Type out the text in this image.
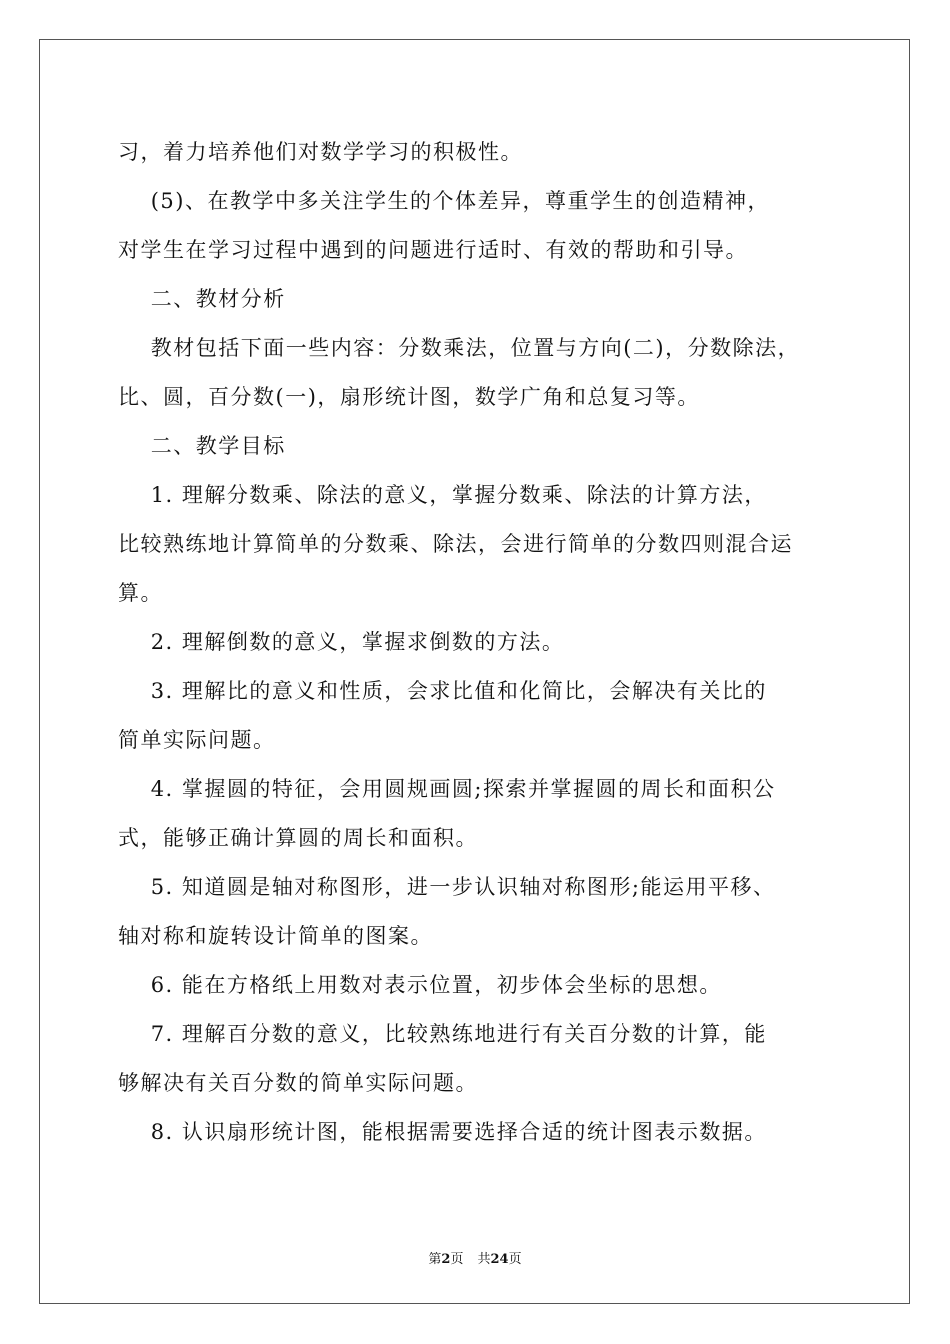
习，着力培养他们对数学学习的积极性。

(5)、在教学中多关注学生的个体差异，尊重学生的创造精神，

对学生在学习过程中遇到的问题进行适时、有效的帮助和引导。

二、教材分析

教材包括下面一些内容：分数乘法，位置与方向(二)，分数除法，

比、圆，百分数(一)，扇形统计图，数学广角和总复习等。

二、教学目标

1. 理解分数乘、除法的意义，掌握分数乘、除法的计算方法，

比较熟练地计算简单的分数乘、除法，会进行简单的分数四则混合运

算。

2. 理解倒数的意义，掌握求倒数的方法。

3. 理解比的意义和性质，会求比值和化简比，会解决有关比的

简单实际问题。

4. 掌握圆的特征，会用圆规画圆;探索并掌握圆的周长和面积公

式，能够正确计算圆的周长和面积。

5. 知道圆是轴对称图形，进一步认识轴对称图形;能运用平移、

轴对称和旋转设计简单的图案。

6. 能在方格纸上用数对表示位置，初步体会坐标的思想。

7. 理解百分数的意义，比较熟练地进行有关百分数的计算，能

够解决有关百分数的简单实际问题。

8. 认识扇形统计图，能根据需要选择合适的统计图表示数据。

第2页 共24页
